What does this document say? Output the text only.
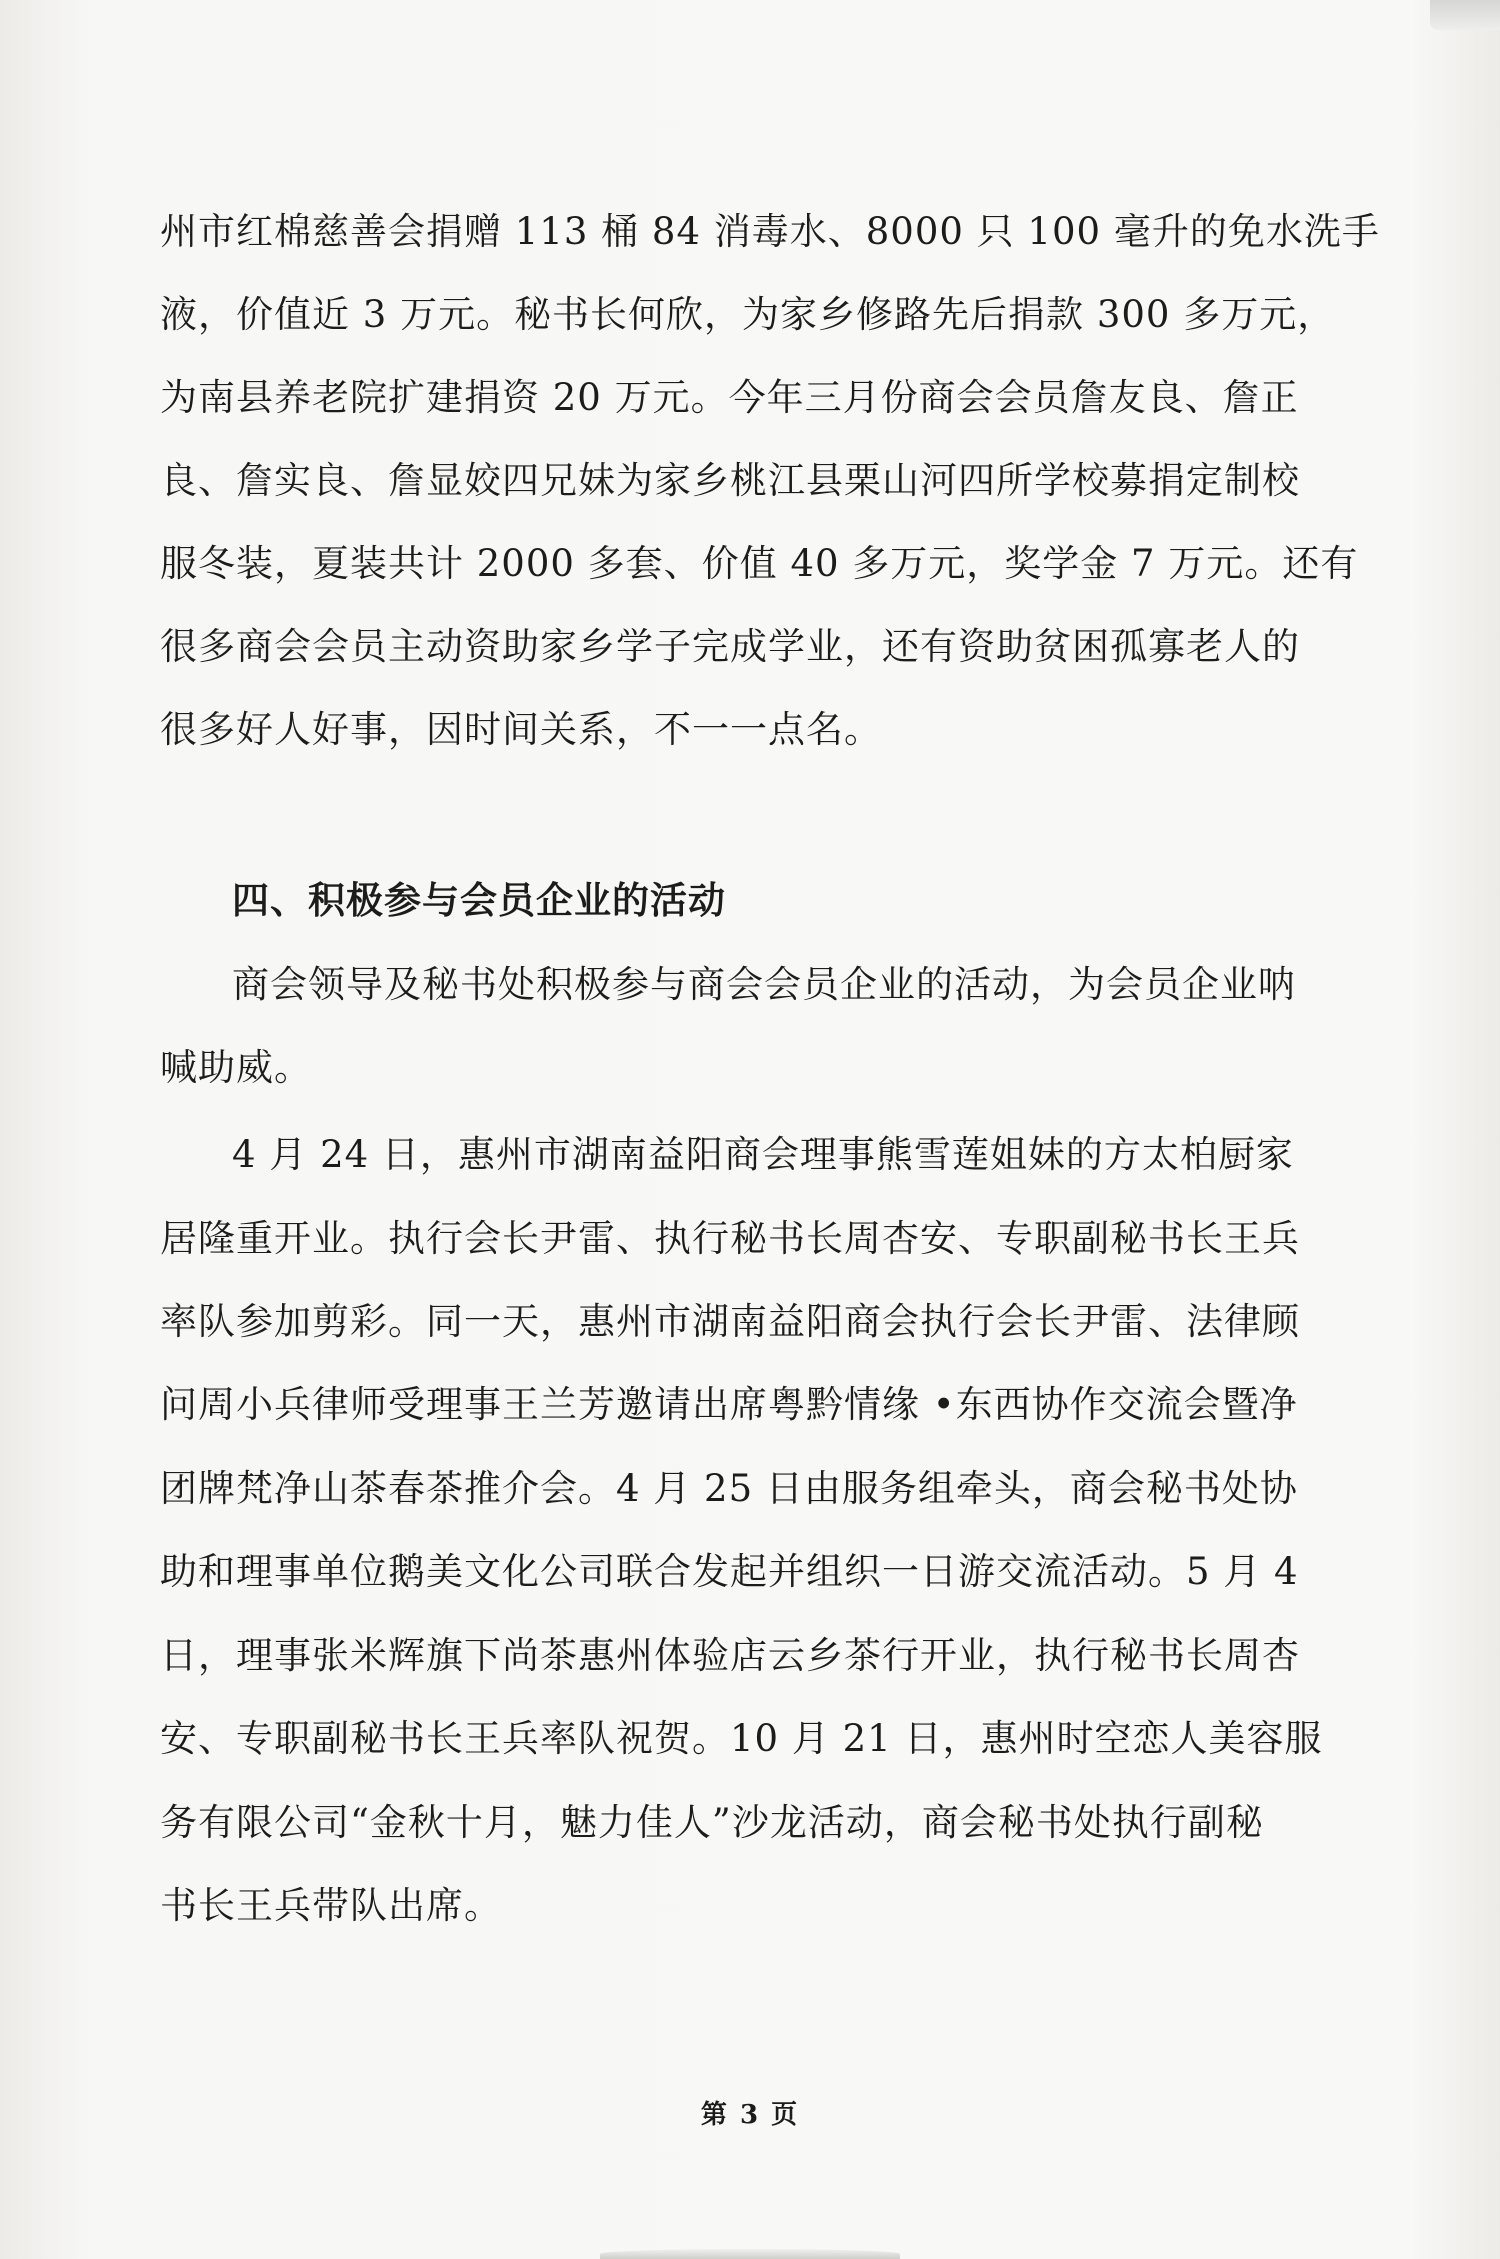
州市红棉慈善会捐赠 113 桶 84 消毒水、8000 只 100 毫升的免水洗手
液，价值近 3 万元。秘书长何欣，为家乡修路先后捐款 300 多万元，
为南县养老院扩建捐资 20 万元。今年三月份商会会员詹友良、詹正
良、詹实良、詹显姣四兄妹为家乡桃江县栗山河四所学校募捐定制校
服冬装，夏装共计 2000 多套、价值 40 多万元，奖学金 7 万元。还有
很多商会会员主动资助家乡学子完成学业，还有资助贫困孤寡老人的
很多好人好事，因时间关系，不一一点名。
四、积极参与会员企业的活动
商会领导及秘书处积极参与商会会员企业的活动，为会员企业呐
喊助威。
4 月 24 日，惠州市湖南益阳商会理事熊雪莲姐妹的方太柏厨家
居隆重开业。执行会长尹雷、执行秘书长周杏安、专职副秘书长王兵
率队参加剪彩。同一天，惠州市湖南益阳商会执行会长尹雷、法律顾
问周小兵律师受理事王兰芳邀请出席粤黔情缘 •东西协作交流会暨净
团牌梵净山茶春茶推介会。4 月 25 日由服务组牵头，商会秘书处协
助和理事单位鹅美文化公司联合发起并组织一日游交流活动。5 月 4
日，理事张米辉旗下尚茶惠州体验店云乡茶行开业，执行秘书长周杏
安、专职副秘书长王兵率队祝贺。10 月 21 日，惠州时空恋人美容服
务有限公司“金秋十月，魅力佳人”沙龙活动，商会秘书处执行副秘
书长王兵带队出席。
第 3 页
